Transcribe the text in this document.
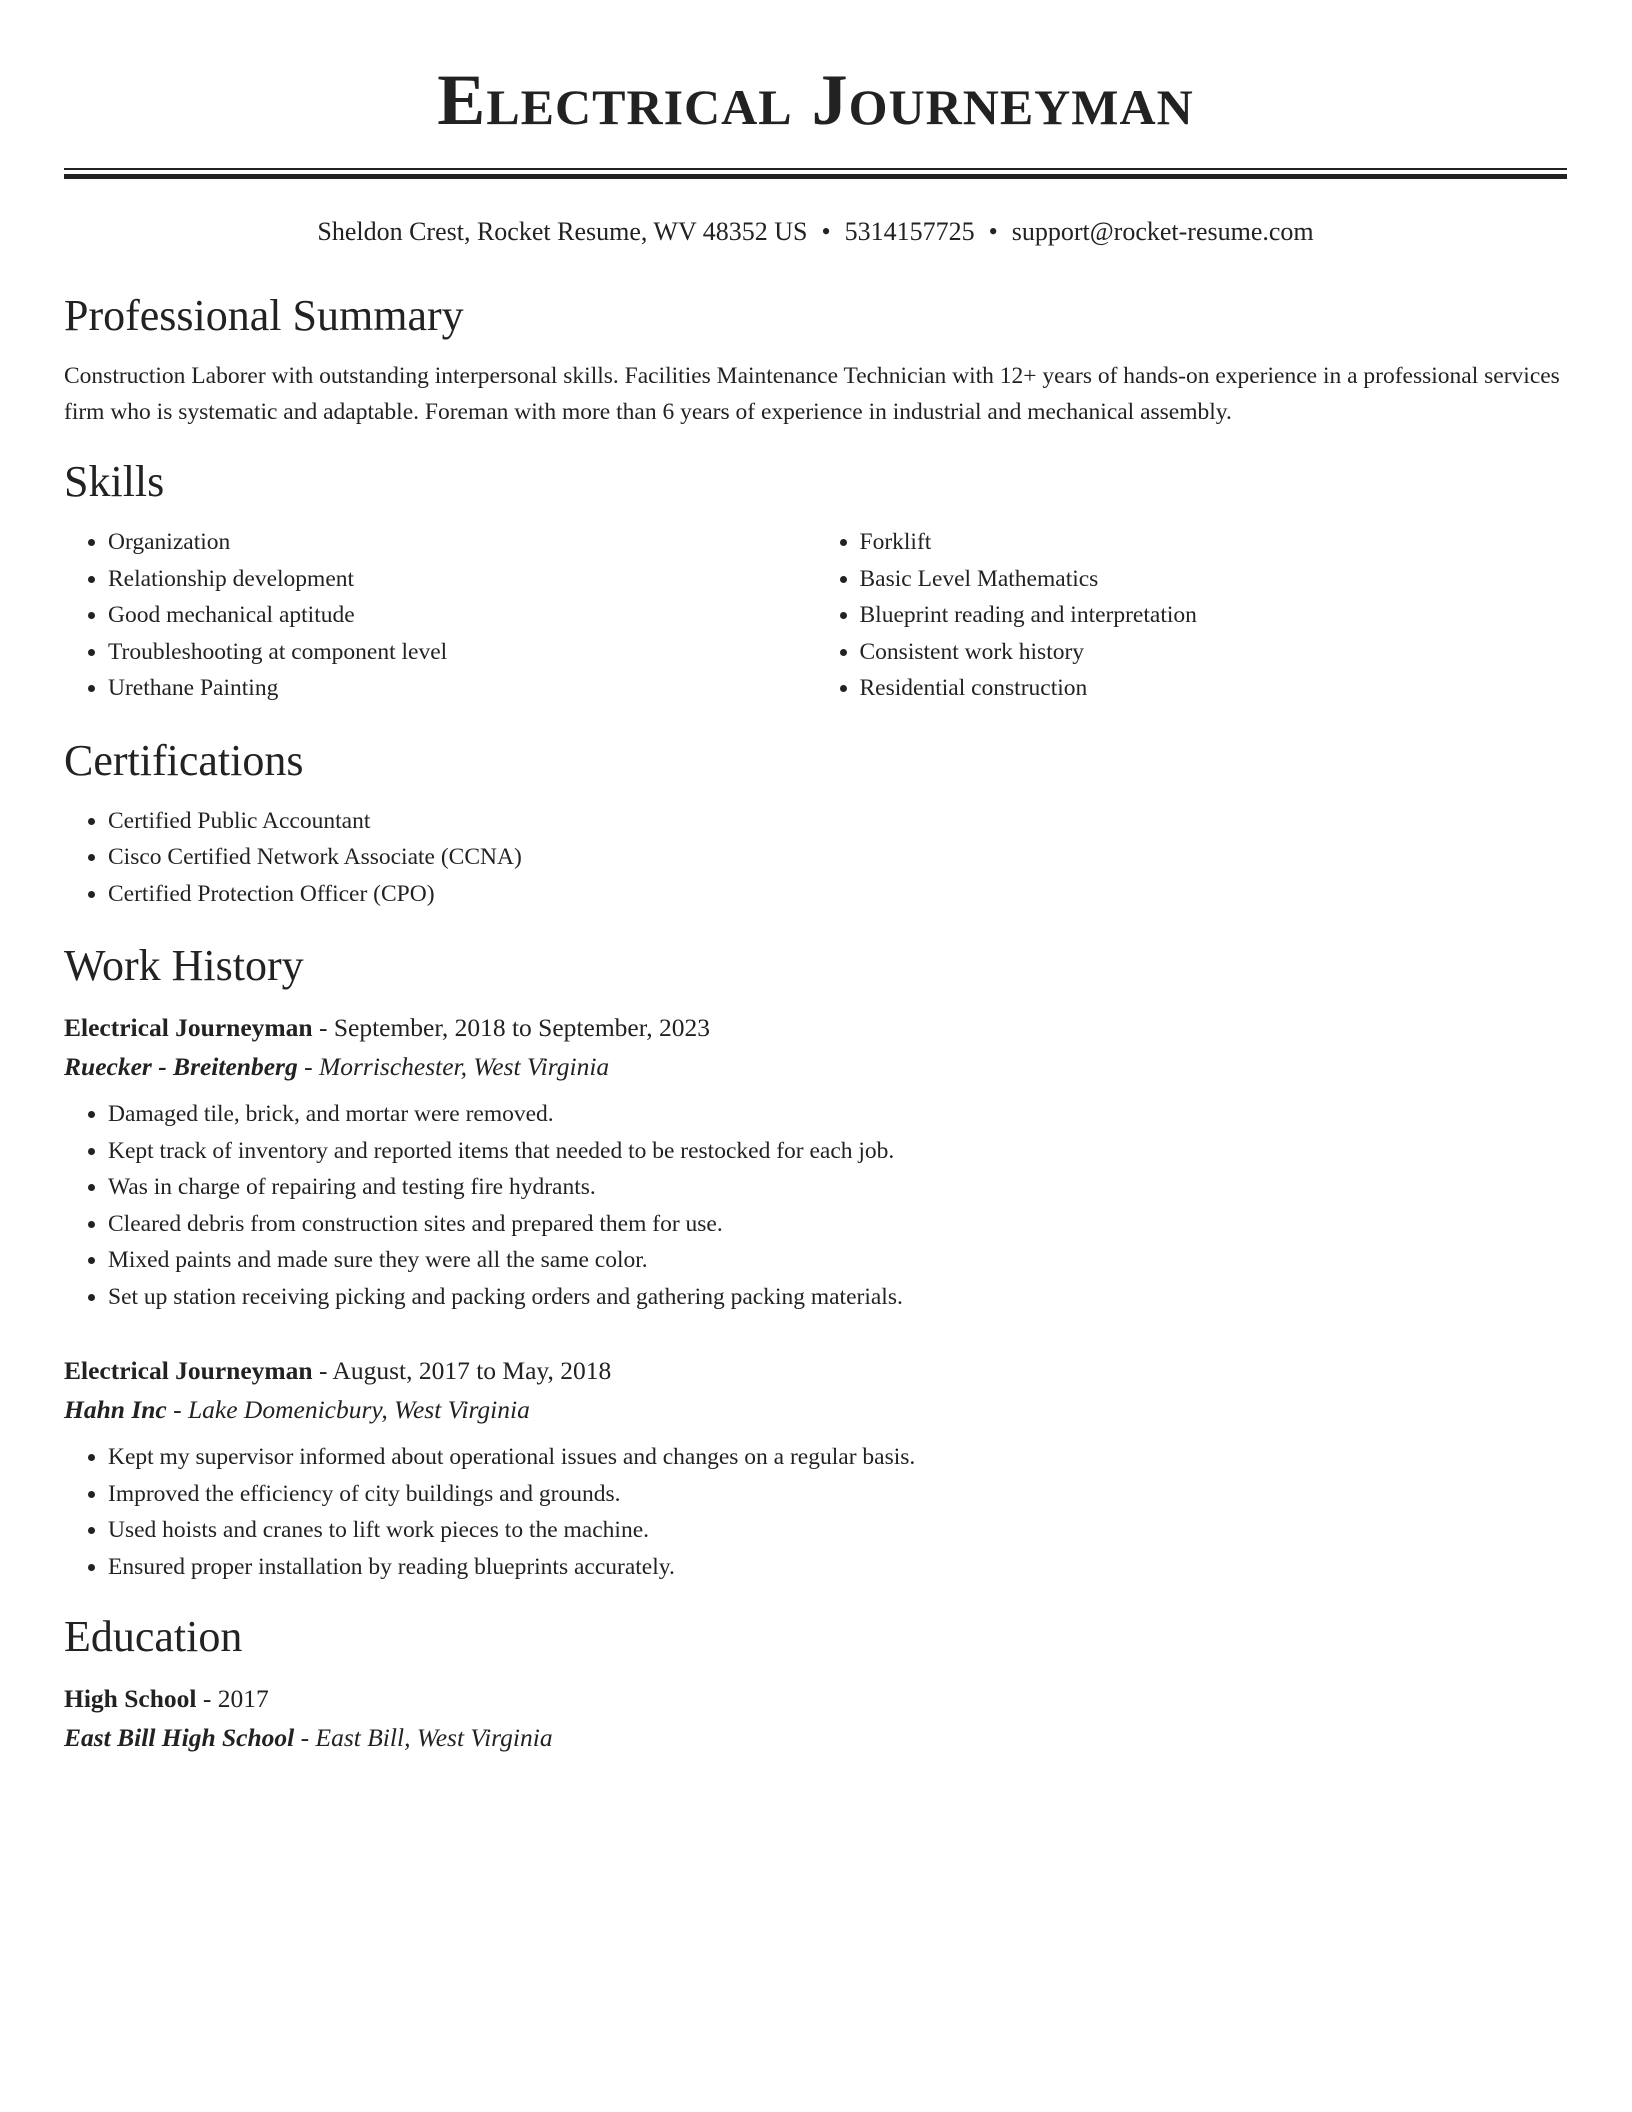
Electrical Journeyman
Sheldon Crest, Rocket Resume, WV 48352 US • 5314157725 • support@rocket-resume.com
Professional Summary

Construction Laborer with outstanding interpersonal skills. Facilities Maintenance Technician with 12+ years of hands-on experience in a professional services firm who is systematic and adaptable. Foreman with more than 6 years of experience in industrial and mechanical assembly.

Skills
• Organization
• Relationship development
• Good mechanical aptitude
• Troubleshooting at component level
• Urethane Painting
• Forklift
• Basic Level Mathematics
• Blueprint reading and interpretation
• Consistent work history
• Residential construction
Certifications
• Certified Public Accountant
• Cisco Certified Network Associate (CCNA)
• Certified Protection Officer (CPO)
Work History
Electrical Journeyman - September, 2018 to September, 2023
Ruecker - Breitenberg - Morrischester, West Virginia
• Damaged tile, brick, and mortar were removed.
• Kept track of inventory and reported items that needed to be restocked for each job.
• Was in charge of repairing and testing fire hydrants.
• Cleared debris from construction sites and prepared them for use.
• Mixed paints and made sure they were all the same color.
• Set up station receiving picking and packing orders and gathering packing materials.
Electrical Journeyman - August, 2017 to May, 2018
Hahn Inc - Lake Domenicbury, West Virginia
• Kept my supervisor informed about operational issues and changes on a regular basis.
• Improved the efficiency of city buildings and grounds.
• Used hoists and cranes to lift work pieces to the machine.
• Ensured proper installation by reading blueprints accurately.
Education
High School - 2017
East Bill High School - East Bill, West Virginia
